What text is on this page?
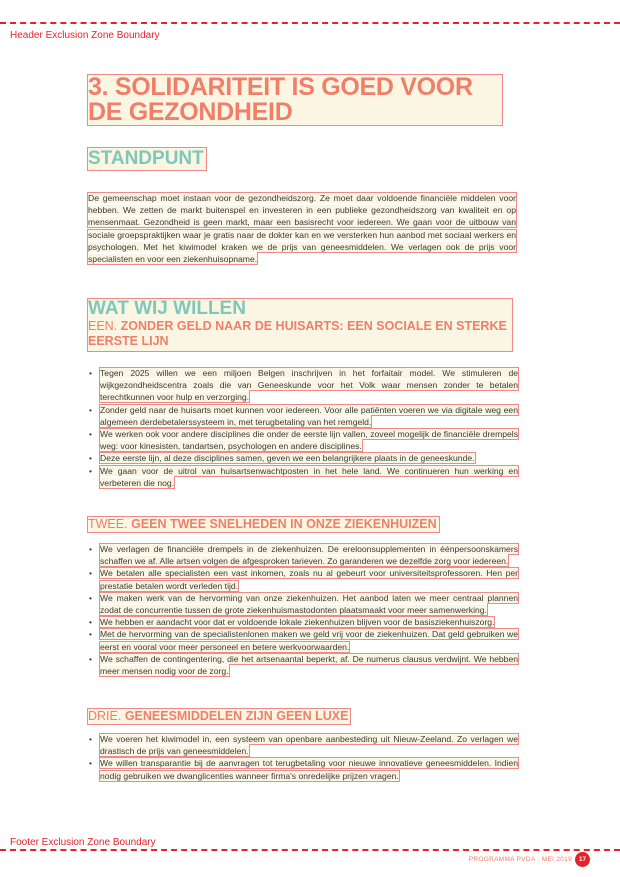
Header Exclusion Zone Boundary
3. SOLIDARITEIT IS GOED VOOR DE GEZONDHEID
STANDPUNT

De gemeenschap moet instaan voor de gezondheidszorg. Ze moet daar voldoende financiële middelen voor hebben. We zetten de markt buitenspel en investeren in een publieke gezondheidszorg van kwaliteit en op mensenmaat. Gezondheid is geen markt, maar een basisrecht voor iedereen. We gaan voor de uitbouw van sociale groepspraktijken waar je gratis naar de dokter kan en we versterken hun aanbod met sociaal werkers en psychologen. Met het kiwimodel kraken we de prijs van geneesmiddelen. We verlagen ook de prijs voor specialisten en voor een ziekenhuisopname.

WAT WIJ WILLEN
EEN. ZONDER GELD NAAR DE HUISARTS: EEN SOCIALE EN STERKE EERSTE LIJN
• Tegen 2025 willen we een miljoen Belgen inschrijven in het forfaitair model. We stimuleren de wijkgezondheidscentra zoals die van Geneeskunde voor het Volk waar mensen zonder te betalen terechtkunnen voor hulp en verzorging.
• Zonder geld naar de huisarts moet kunnen voor iedereen. Voor alle patiënten voeren we via digitale weg een algemeen derdebetalerssysteem in, met terugbetaling van het remgeld.
• We werken ook voor andere disciplines die onder de eerste lijn vallen, zoveel mogelijk de financiële drempels weg: voor kinesisten, tandartsen, psychologen en andere disciplines.
• Deze eerste lijn, al deze disciplines samen, geven we een belangrijkere plaats in de geneeskunde.
• We gaan voor de uitrol van huisartsenwachtposten in het hele land. We continueren hun werking en verbeteren die nog.
TWEE. GEEN TWEE SNELHEDEN IN ONZE ZIEKENHUIZEN
• We verlagen de financiële drempels in de ziekenhuizen. De ereloonsupplementen in éénpersoonskamers schaffen we af. Alle artsen volgen de afgesproken tarieven. Zo garanderen we dezelfde zorg voor iedereen.
• We betalen alle specialisten een vast inkomen, zoals nu al gebeurt voor universiteitsprofessoren. Hen per prestatie betalen wordt verleden tijd.
• We maken werk van de hervorming van onze ziekenhuizen. Het aanbod laten we meer centraal plannen zodat de concurrentie tussen de grote ziekenhuismastodonten plaatsmaakt voor meer samenwerking.
• We hebben er aandacht voor dat er voldoende lokale ziekenhuizen blijven voor de basisziekenhuiszorg.
• Met de hervorming van de specialistenlonen maken we geld vrij voor de ziekenhuizen. Dat geld gebruiken we eerst en vooral voor meer personeel en betere werkvoorwaarden.
• We schaffen de contingentering, die het artsenaantal beperkt, af. De numerus clausus verdwijnt. We hebben meer mensen nodig voor de zorg.
DRIE. GENEESMIDDELEN ZIJN GEEN LUXE
• We voeren het kiwimodel in, een systeem van openbare aanbesteding uit Nieuw-Zeeland. Zo verlagen we drastisch de prijs van geneesmiddelen.
• We willen transparantie bij de aanvragen tot terugbetaling voor nieuwe innovatieve geneesmiddelen. Indien nodig gebruiken we dwanglicenties wanneer firma's onredelijke prijzen vragen.
Footer Exclusion Zone Boundary
PROGRAMMA PVDA · MEI 2019	17
